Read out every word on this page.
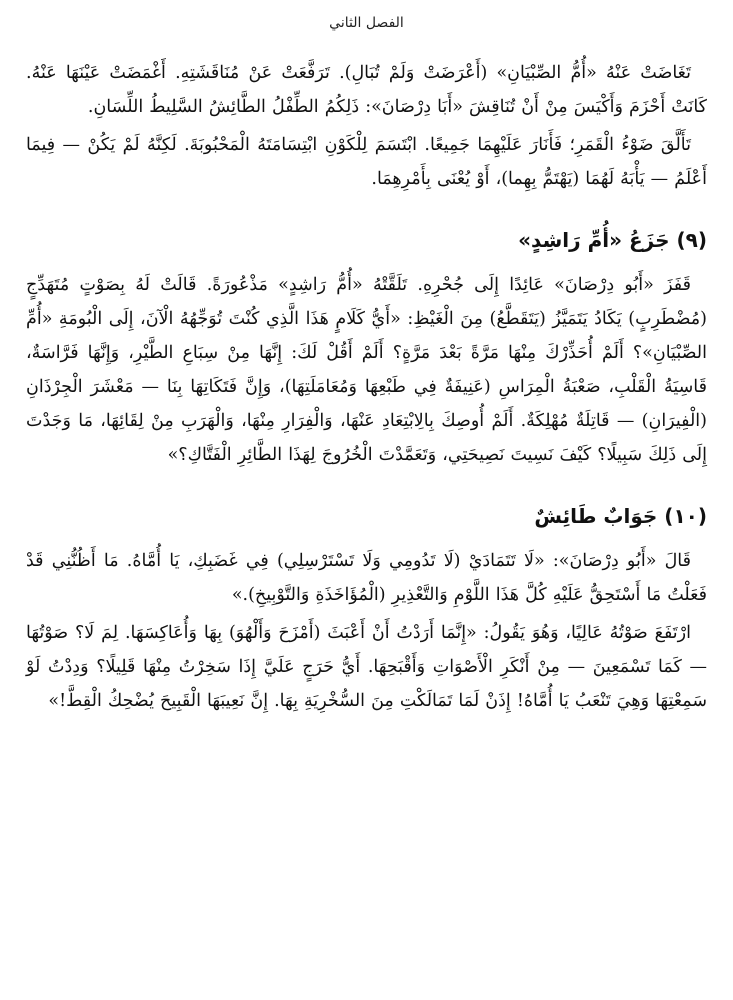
الفصل الثاني

تَغَاضَتْ عَنْهُ «أُمُّ الصِّبْيَانِ» (أَعْرَضَتْ وَلَمْ تُبَالِ). تَرَفَّعَتْ عَنْ مُنَاقَشَتِهِ. أَغْمَضَتْ عَيْنَهَا عَنْهُ. كَانَتْ أَحْزَمَ وَأَكْيَسَ مِنْ أَنْ تُنَاقِشَ «أَبَا دِرْصَانَ»: ذَلِكُمُ الطِّفْلُ الطَّائِشُ السَّلِيطُ اللِّسَانِ.

تَأَلَّقَ ضَوْءُ الْقَمَرِ؛ فَأَنَارَ عَلَيْهِمَا جَمِيعًا. ابْتَسَمَ لِلْكَوْنِ ابْتِسَامَتَهُ الْمَحْبُوبَةَ. لَكِنَّهُ لَمْ يَكُنْ — فِيمَا أَعْلَمُ — يَأْبَهُ لَهُمَا (يَهْتَمُّ بِهِما)، أَوْ يُعْنَى بِأَمْرِهِمَا.

(٩) جَزَعُ «أُمِّ رَاشِدٍ»

قَفَزَ «أَبُو دِرْصَانَ» عَائِدًا إِلَى جُحْرِهِ. تَلَقَّتْهُ «أُمُّ رَاشِدٍ» مَذْعُورَةً. قَالَتْ لَهُ بِصَوْتٍ مُتَهَدِّجٍ (مُضْطَرِبٍ) يَكَادُ يَتَمَيَّزُ (يَتَقَطَّعُ) مِنَ الْغَيْظِ: «أَيُّ كَلَامٍ هَذَا الَّذِي كُنْتَ تُوَجِّهُهُ الْآنَ، إِلَى الْبُومَةِ «أُمِّ الصِّبْيَانِ»؟ أَلَمْ أُحَذِّرْكَ مِنْهَا مَرَّةً بَعْدَ مَرَّةٍ؟ أَلَمْ أَقُلْ لَكَ: إِنَّهَا مِنْ سِبَاعِ الطَّيْرِ، وَإِنَّهَا فَرَّاسَةٌ، قَاسِيَةُ الْقَلْبِ، صَعْبَةُ الْمِرَاسِ (عَنِيفَةٌ فِي طَبْعِهَا وَمُعَامَلَتِهَا)، وَإِنَّ فَتَكَاتِهَا بِنَا — مَعْشَرَ الْجِرْذَانِ (الْفِيرَانِ) — قَاتِلَةٌ مُهْلِكَةٌ. أَلَمْ أُوصِكَ بِالِابْتِعَادِ عَنْهَا، وَالْفِرَارِ مِنْهَا، وَالْهَرَبِ مِنْ لِقَائِهَا، مَا وَجَدْتَ إِلَى ذَلِكَ سَبِيلًا؟ كَيْفَ نَسِيتَ نَصِيحَتِي، وَتَعَمَّدْتَ الْخُرُوجَ لِهَذَا الطَّائِرِ الْفَتَّاكِ؟»

(١٠) جَوَابٌ طَائِشٌ

قَالَ «أَبُو دِرْصَانَ»: «لَا تَتَمَادَيْ (لَا تَدُومِي وَلَا تَسْتَرْسِلِي) فِي غَضَبِكِ، يَا أُمَّاهُ. مَا أَظُنُّنِي قَدْ فَعَلْتُ مَا أَسْتَحِقُّ عَلَيْهِ كُلَّ هَذَا اللَّوْمِ وَالتَّعْذِيرِ (الْمُؤَاخَذَةِ وَالتَّوْبِيخِ).»

ارْتَفَعَ صَوْتُهُ عَالِيًا، وَهُوَ يَقُولُ: «إِنَّمَا أَرَدْتُ أَنْ أَعْبَثَ (أَمْزَحَ وَأَلْهُوَ) بِهَا وَأُعَاكِسَهَا. لِمَ لَا؟ صَوْتُهَا — كَمَا تَسْمَعِينَ — مِنْ أَنْكَرِ الْأَصْوَاتِ وَأَقْبَحِهَا. أَيُّ حَرَجٍ عَلَيَّ إِذَا سَخِرْتُ مِنْهَا قَلِيلًا؟ وَدِدْتُ لَوْ سَمِعْتِهَا وَهِيَ تَنْعَبُ يَا أُمَّاهُ! إِذَنْ لَمَا تَمَالَكْتِ مِنَ السُّخْرِيَةِ بِهَا. إِنَّ نَعِيبَهَا الْقَبِيحَ يُضْحِكُ الْقِطَّ!»
